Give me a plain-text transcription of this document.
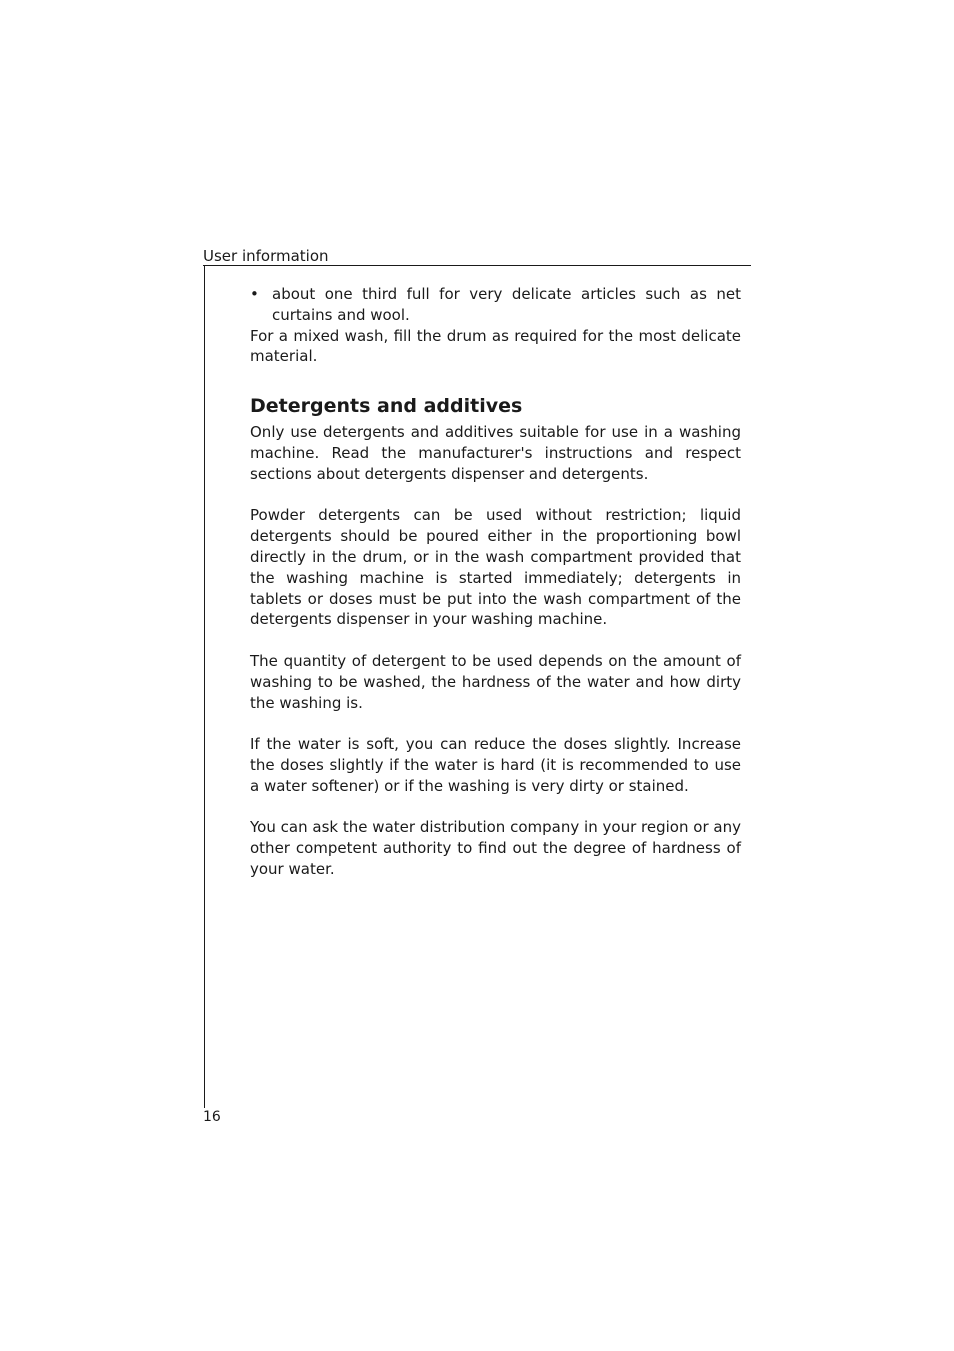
User information
• about one third full for very delicate articles such as net curtains and wool.

For a mixed wash, fill the drum as required for the most delicate material.

Detergents and additives

Only use detergents and additives suitable for use in a washing machine. Read the manufacturer's instructions and respect sections about detergents dispenser and detergents.

Powder detergents can be used without restriction; liquid detergents should be poured either in the proportioning bowl directly in the drum, or in the wash compartment provided that the washing machine is started immediately; detergents in tablets or doses must be put into the wash compartment of the detergents dispenser in your washing machine.

The quantity of detergent to be used depends on the amount of washing to be washed, the hardness of the water and how dirty the washing is.

If the water is soft, you can reduce the doses slightly. Increase the doses slightly if the water is hard (it is recommended to use a water softener) or if the washing is very dirty or stained.

You can ask the water distribution company in your region or any other competent authority to find out the degree of hardness of your water.

16
